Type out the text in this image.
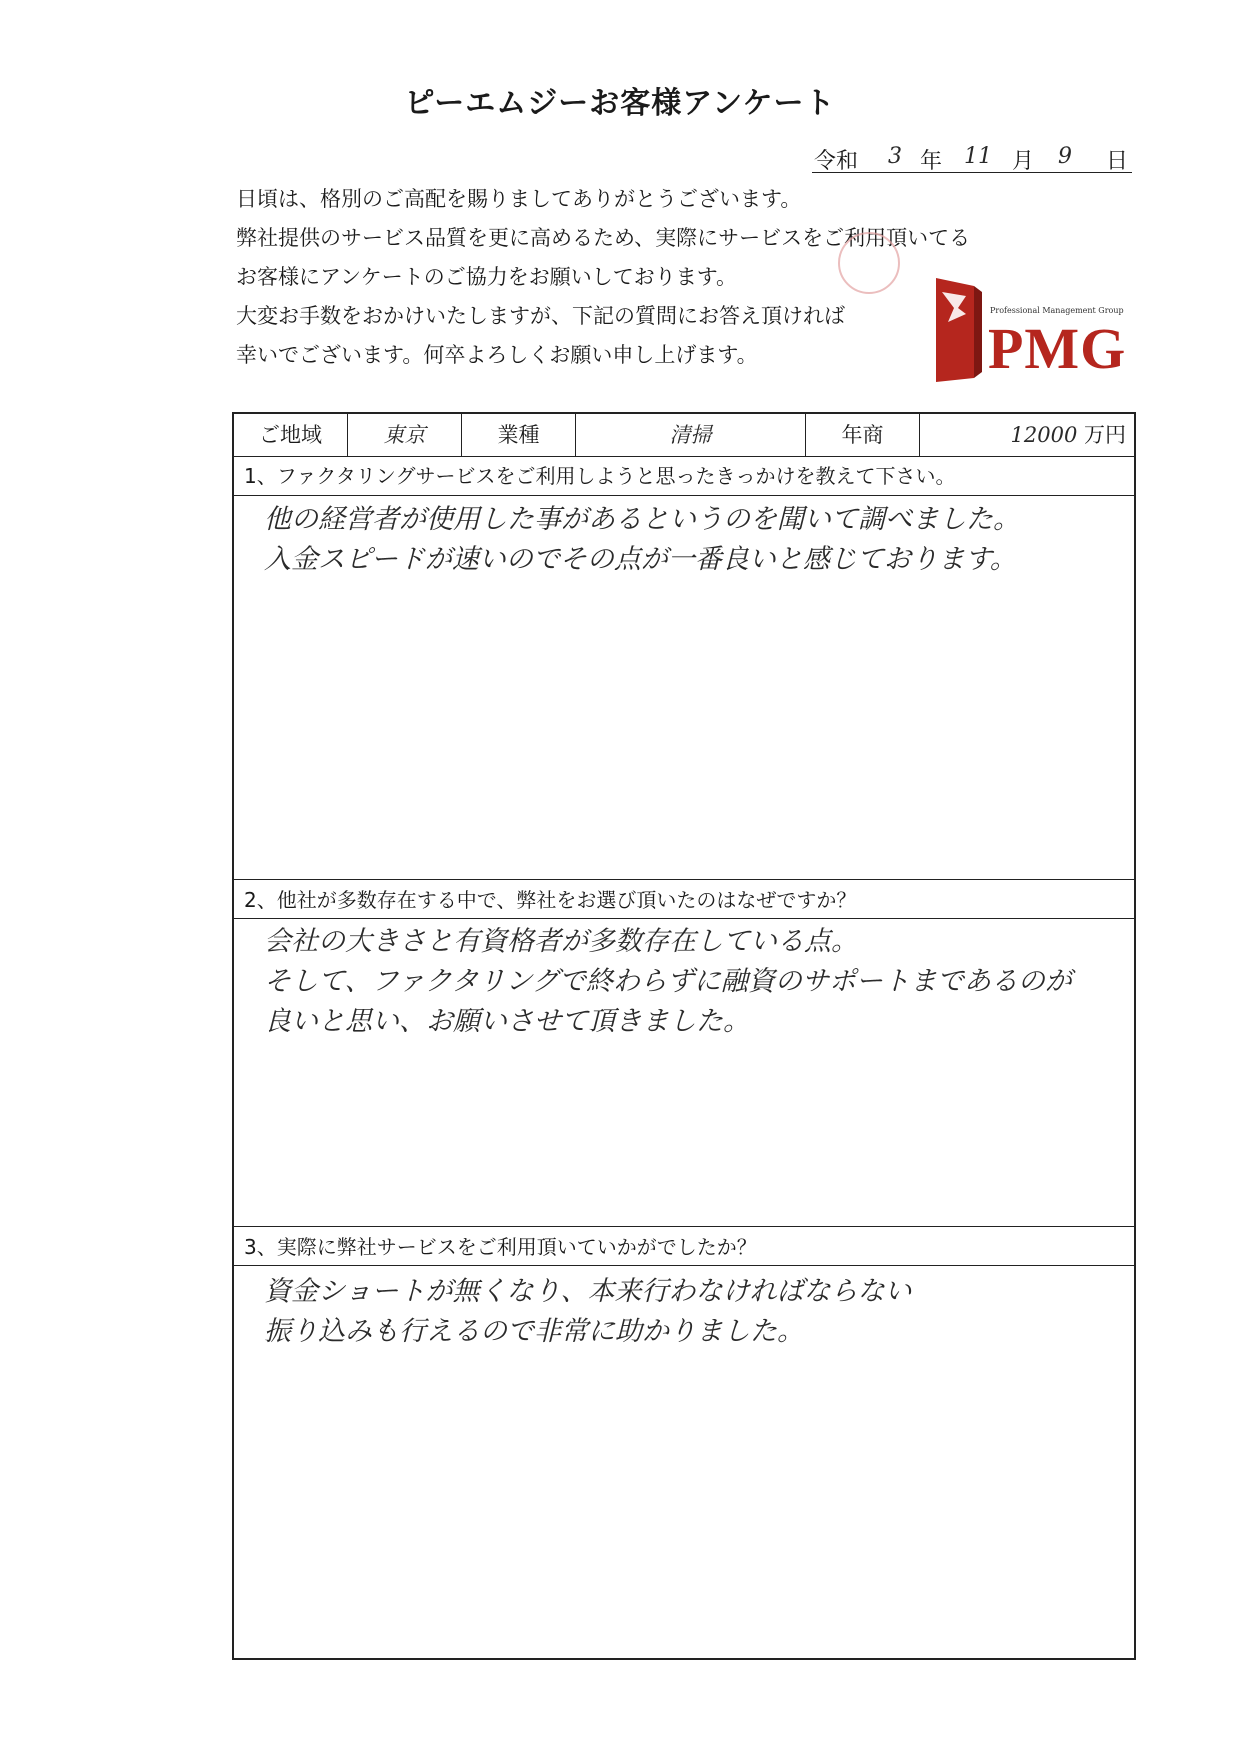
ピーエムジーお客様アンケート
令和 3 年 11 月 9 日
日頃は、格別のご高配を賜りましてありがとうございます。
弊社提供のサービス品質を更に高めるため、実際にサービスをご利用頂いてる
お客様にアンケートのご協力をお願いしております。
大変お手数をおかけいたしますが、下記の質問にお答え頂ければ
幸いでございます。何卒よろしくお願い申し上げます。
Professional Management Group
PMG
ご地域	東京	業種	清掃	年商	12000 万円
1、ファクタリングサービスをご利用しようと思ったきっかけを教えて下さい。
他の経営者が使用した事があるというのを聞いて調べました。
入金スピードが速いのでその点が一番良いと感じております。
2、他社が多数存在する中で、弊社をお選び頂いたのはなぜですか？
会社の大きさと有資格者が多数存在している点。
そして、ファクタリングで終わらずに融資のサポートまであるのが
良いと思い、お願いさせて頂きました。
3、実際に弊社サービスをご利用頂いていかがでしたか？
資金ショートが無くなり、本来行わなければならない
振り込みも行えるので非常に助かりました。
